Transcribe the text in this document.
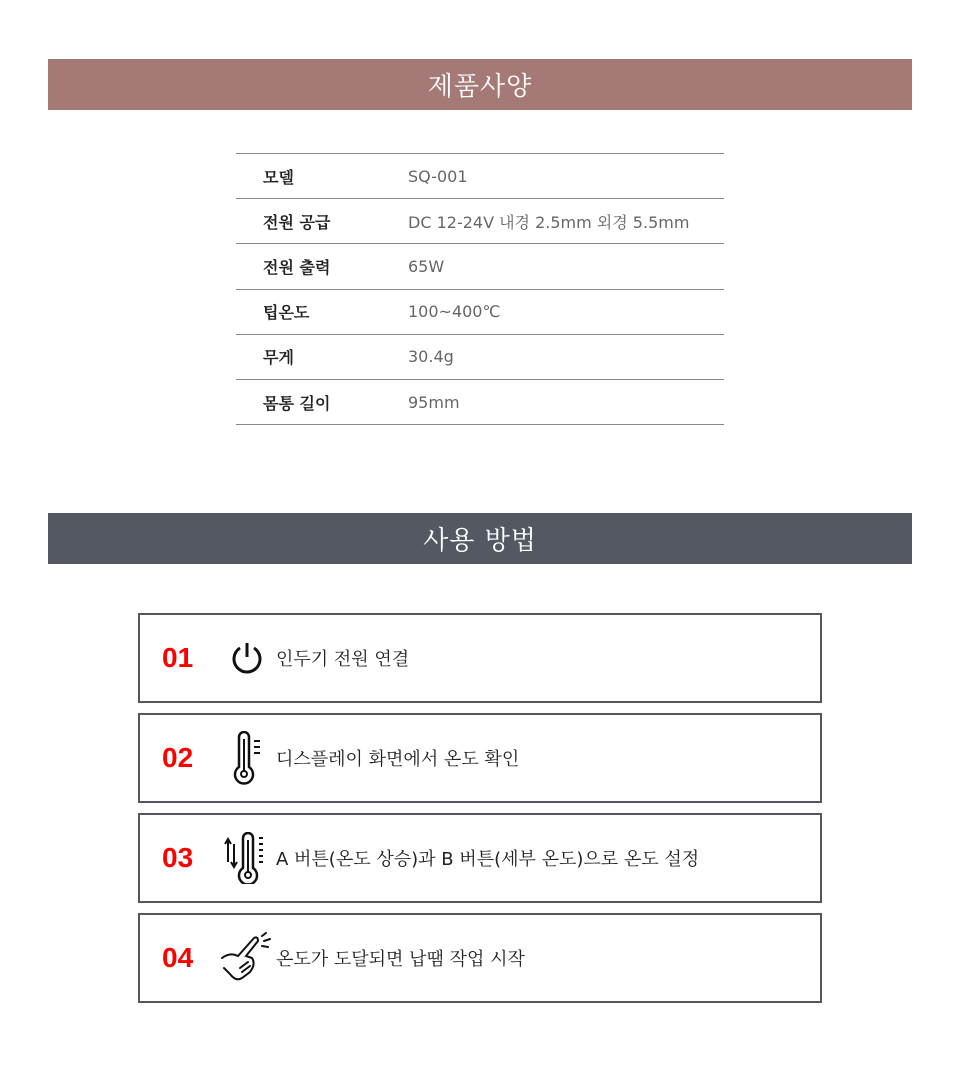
제품사양
모델	SQ-001
전원 공급	DC 12-24V 내경 2.5mm 외경 5.5mm
전원 출력	65W
팁온도	100~400℃
무게	30.4g
몸통 길이	95mm
사용 방법
01	인두기 전원 연결
02	디스플레이 화면에서 온도 확인
03	A 버튼(온도 상승)과 B 버튼(세부 온도)으로 온도 설정
04	온도가 도달되면 납땜 작업 시작
